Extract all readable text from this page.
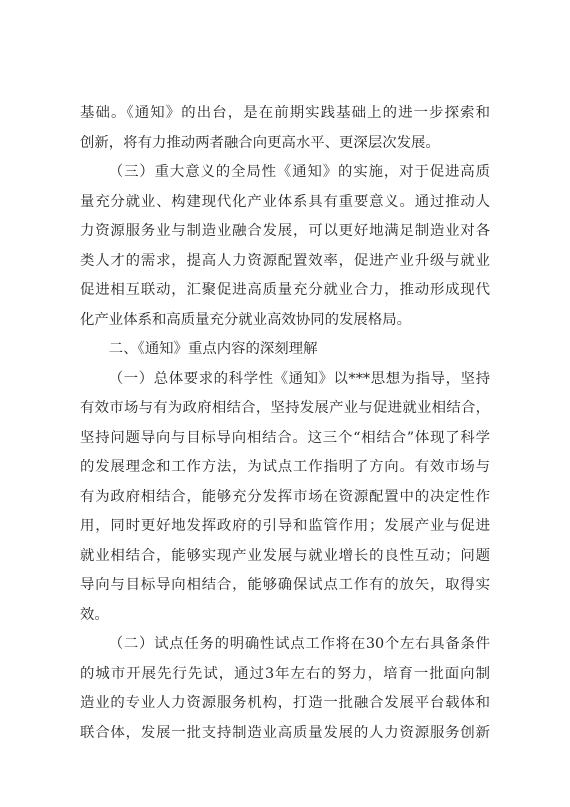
基础。《通知》的出台，是在前期实践基础上的进一步探索和
创新，将有力推动两者融合向更高水平、更深层次发展。
（三）重大意义的全局性《通知》的实施，对于促进高质
量充分就业、构建现代化产业体系具有重要意义。通过推动人
力资源服务业与制造业融合发展，可以更好地满足制造业对各
类人才的需求，提高人力资源配置效率，促进产业升级与就业
促进相互联动，汇聚促进高质量充分就业合力，推动形成现代
化产业体系和高质量充分就业高效协同的发展格局。
二、《通知》重点内容的深刻理解
（一）总体要求的科学性《通知》以***思想为指导，坚持
有效市场与有为政府相结合，坚持发展产业与促进就业相结合，
坚持问题导向与目标导向相结合。这三个“相结合”体现了科学
的发展理念和工作方法，为试点工作指明了方向。有效市场与
有为政府相结合，能够充分发挥市场在资源配置中的决定性作
用，同时更好地发挥政府的引导和监管作用；发展产业与促进
就业相结合，能够实现产业发展与就业增长的良性互动；问题
导向与目标导向相结合，能够确保试点工作有的放矢，取得实
效。
（二）试点任务的明确性试点工作将在30个左右具备条件
的城市开展先行先试，通过3年左右的努力，培育一批面向制
造业的专业人力资源服务机构，打造一批融合发展平台载体和
联合体，发展一批支持制造业高质量发展的人力资源服务创新
